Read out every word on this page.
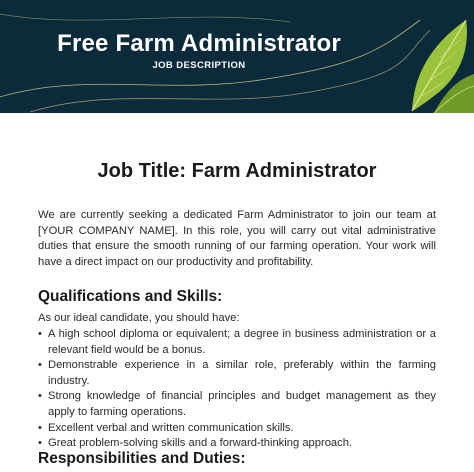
Free Farm Administrator
JOB DESCRIPTION
Job Title: Farm Administrator
We are currently seeking a dedicated Farm Administrator to join our team at [YOUR COMPANY NAME]. In this role, you will carry out vital administrative duties that ensure the smooth running of our farming operation. Your work will have a direct impact on our productivity and profitability.
Qualifications and Skills:
As our ideal candidate, you should have:
• A high school diploma or equivalent; a degree in business administration or a relevant field would be a bonus.
• Demonstrable experience in a similar role, preferably within the farming industry.
• Strong knowledge of financial principles and budget management as they apply to farming operations.
• Excellent verbal and written communication skills.
• Great problem-solving skills and a forward-thinking approach.
Responsibilities and Duties:
